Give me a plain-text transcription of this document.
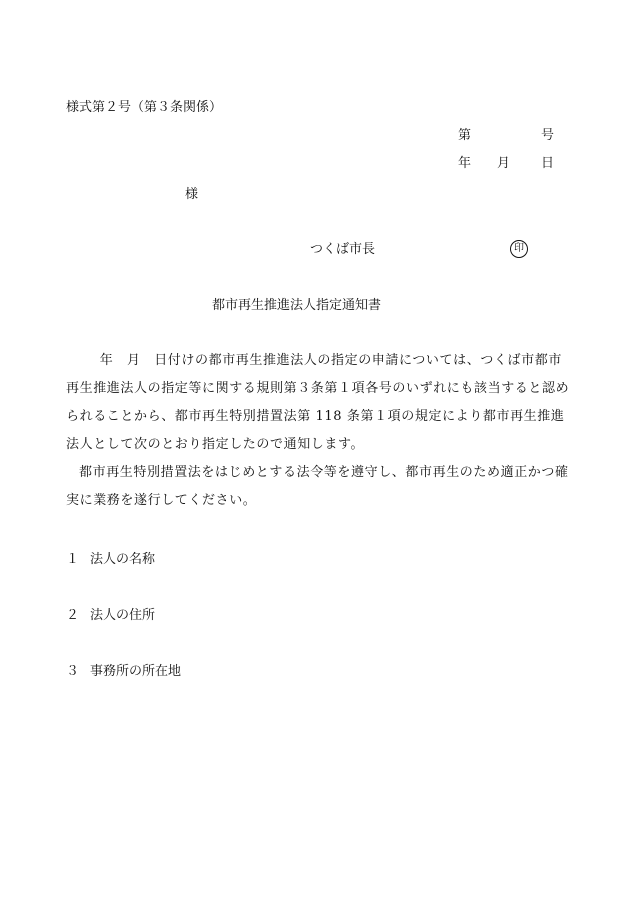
様式第２号（第３条関係）
第	号
年 月 日
様
つくば市長	印
都市再生推進法人指定通知書

年　月　日付けの都市再生推進法人の指定の申請については、つくば市都市再生推進法人の指定等に関する規則第３条第１項各号のいずれにも該当すると認められることから、都市再生特別措置法第 118 条第１項の規定により都市再生推進法人として次のとおり指定したので通知します。

都市再生特別措置法をはじめとする法令等を遵守し、都市再生のため適正かつ確実に業務を遂行してください。

１ 法人の名称
２ 法人の住所
３ 事務所の所在地
